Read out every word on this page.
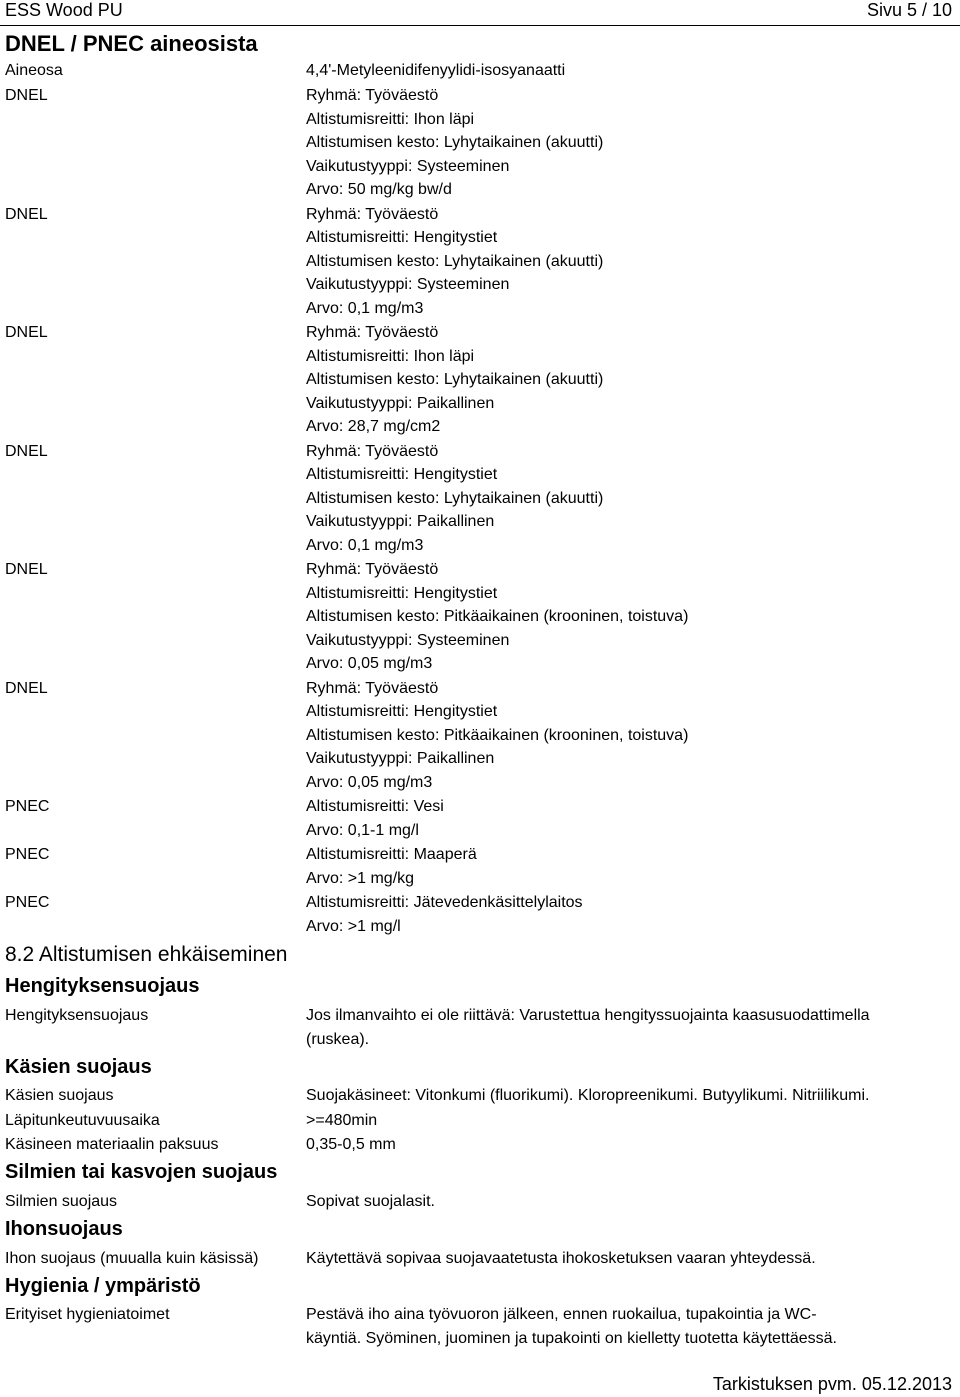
ESS Wood PU	Sivu 5 / 10
DNEL / PNEC aineosista
Aineosa	4,4'-Metyleenidifenyylidi-isosyanaatti
DNEL	Ryhmä: Työväestö
Altistumisreitti: Ihon läpi
Altistumisen kesto: Lyhytaikainen (akuutti)
Vaikutustyyppi: Systeeminen
Arvo: 50 mg/kg bw/d
DNEL	Ryhmä: Työväestö
Altistumisreitti: Hengitystiet
Altistumisen kesto: Lyhytaikainen (akuutti)
Vaikutustyyppi: Systeeminen
Arvo: 0,1 mg/m3
DNEL	Ryhmä: Työväestö
Altistumisreitti: Ihon läpi
Altistumisen kesto: Lyhytaikainen (akuutti)
Vaikutustyyppi: Paikallinen
Arvo: 28,7 mg/cm2
DNEL	Ryhmä: Työväestö
Altistumisreitti: Hengitystiet
Altistumisen kesto: Lyhytaikainen (akuutti)
Vaikutustyyppi: Paikallinen
Arvo: 0,1 mg/m3
DNEL	Ryhmä: Työväestö
Altistumisreitti: Hengitystiet
Altistumisen kesto: Pitkäaikainen (krooninen, toistuva)
Vaikutustyyppi: Systeeminen
Arvo: 0,05 mg/m3
DNEL	Ryhmä: Työväestö
Altistumisreitti: Hengitystiet
Altistumisen kesto: Pitkäaikainen (krooninen, toistuva)
Vaikutustyyppi: Paikallinen
Arvo: 0,05 mg/m3
PNEC	Altistumisreitti: Vesi
Arvo: 0,1-1 mg/l
PNEC	Altistumisreitti: Maaperä
Arvo: >1 mg/kg
PNEC	Altistumisreitti: Jätevedenkäsittelylaitos
Arvo: >1 mg/l
8.2 Altistumisen ehkäiseminen
Hengityksensuojaus
Hengityksensuojaus	Jos ilmanvaihto ei ole riittävä: Varustettua hengityssuojainta kaasusuodattimella
(ruskea).
Käsien suojaus
Käsien suojaus	Suojakäsineet: Vitonkumi (fluorikumi). Kloropreenikumi. Butyylikumi. Nitriilikumi.
Läpitunkeutuvuusaika	>=480min
Käsineen materiaalin paksuus	0,35-0,5 mm
Silmien tai kasvojen suojaus
Silmien suojaus	Sopivat suojalasit.
Ihonsuojaus
Ihon suojaus (muualla kuin käsissä)	Käytettävä sopivaa suojavaatetusta ihokosketuksen vaaran yhteydessä.
Hygienia / ympäristö
Erityiset hygieniatoimet	Pestävä iho aina työvuoron jälkeen, ennen ruokailua, tupakointia ja WC-
käyntiä. Syöminen, juominen ja tupakointi on kielletty tuotetta käytettäessä.
Tarkistuksen pvm. 05.12.2013
